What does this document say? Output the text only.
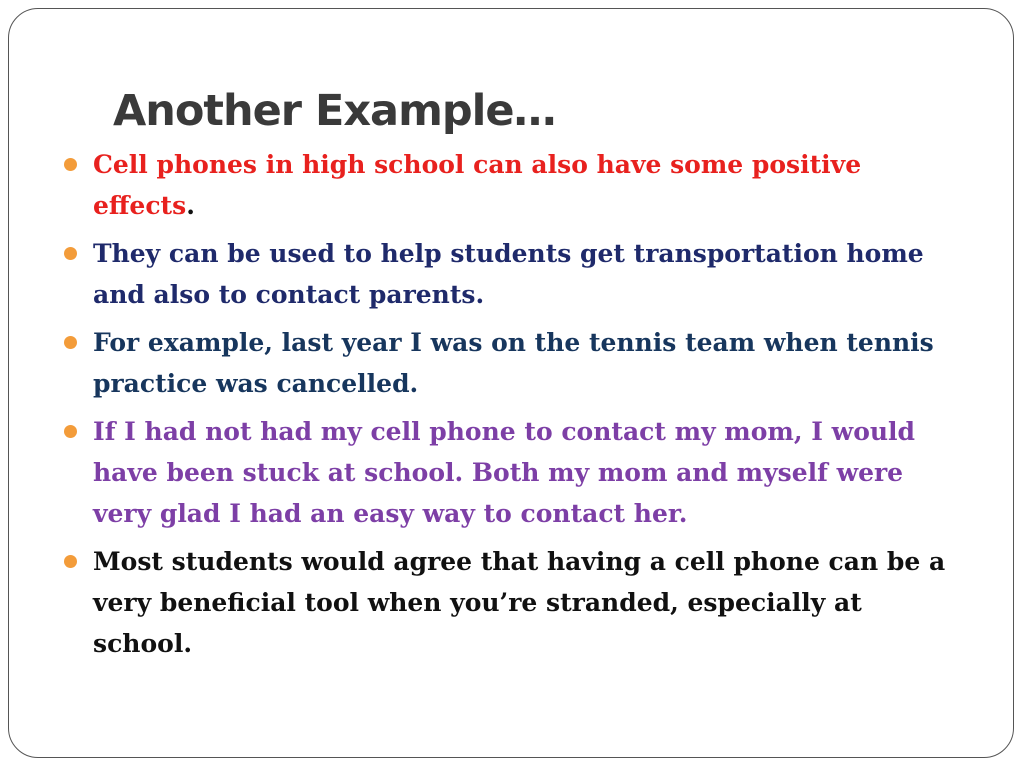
Another Example…
Cell phones in high school can also have some positive effects.
They can be used to help students get transportation home and also to contact parents.
For example, last year I was on the tennis team when tennis practice was cancelled.
If I had not had my cell phone to contact my mom, I would have been stuck at school. Both my mom and myself were very glad I had an easy way to contact her.
Most students would agree that having a cell phone can be a very beneficial tool when you’re stranded, especially at school.
